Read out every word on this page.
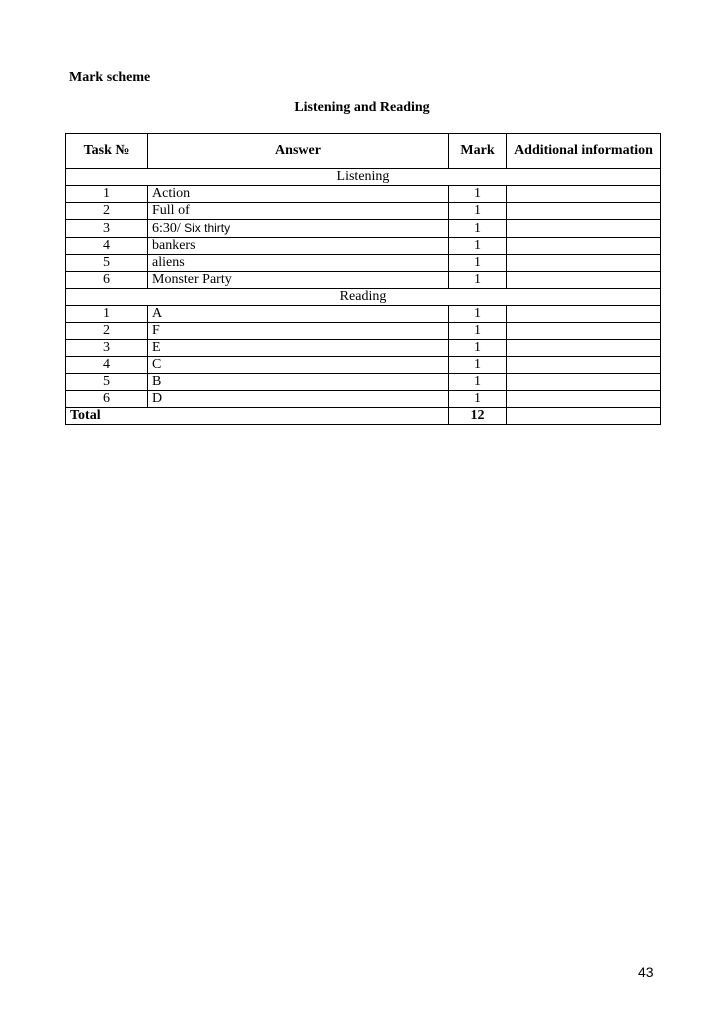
Mark scheme
Listening and Reading
Task №	Answer	Mark	Additional information
Listening			
1	Action	1	
2	Full of	1	
3	6:30/ Six thirty	1	
4	bankers	1	
5	aliens	1	
6	Monster Party	1	
Reading			
1	A	1	
2	F	1	
3	E	1	
4	C	1	
5	B	1	
6	D	1	
Total		12	
43
